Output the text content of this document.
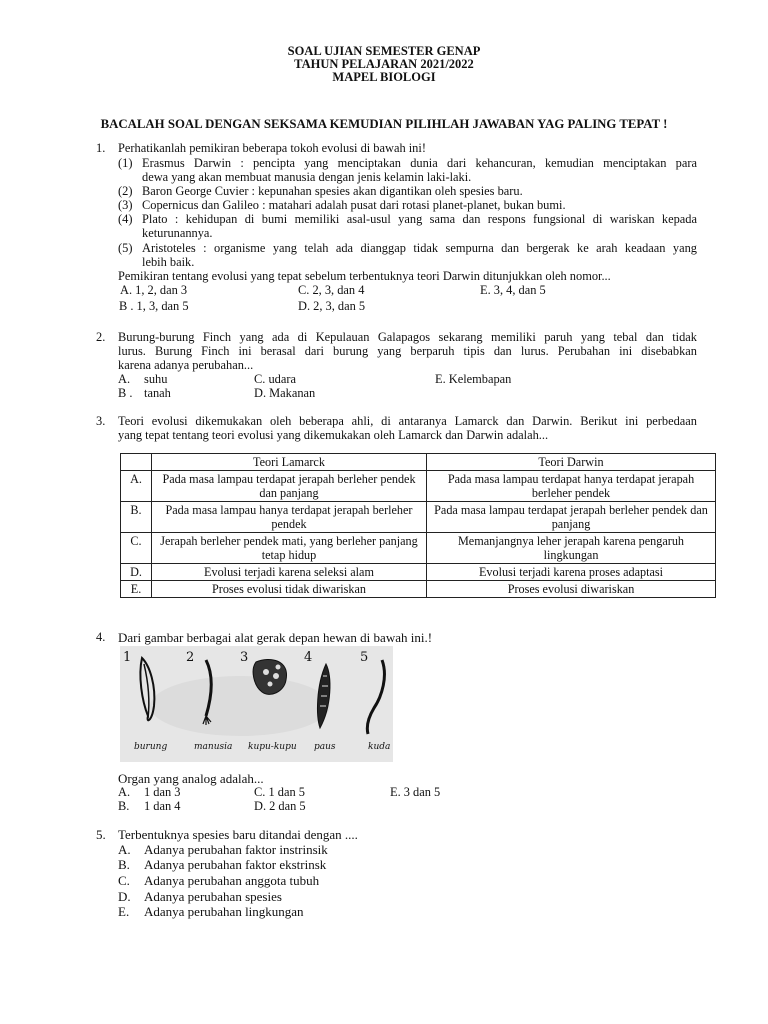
SOAL UJIAN SEMESTER GENAP
TAHUN PELAJARAN 2021/2022
MAPEL BIOLOGI
BACALAH SOAL DENGAN SEKSAMA KEMUDIAN PILIHLAH JAWABAN YAG PALING TEPAT !
1. Perhatikanlah pemikiran beberapa tokoh evolusi di bawah ini!
(1) Erasmus Darwin : pencipta yang menciptakan dunia dari kehancuran, kemudian menciptakan para
dewa yang akan membuat manusia dengan jenis kelamin laki-laki.
(2) Baron George Cuvier : kepunahan spesies akan digantikan oleh spesies baru.
(3) Copernicus dan Galileo : matahari adalah pusat dari rotasi planet-planet, bukan bumi.
(4) Plato : kehidupan di bumi memiliki asal-usul yang sama dan respons fungsional di wariskan kepada
keturunannya.
(5) Aristoteles : organisme yang telah ada dianggap tidak sempurna dan bergerak ke arah keadaan yang
lebih baik.
Pemikiran tentang evolusi yang tepat sebelum terbentuknya teori Darwin ditunjukkan oleh nomor...
A. 1, 2, dan 3	C. 2, 3, dan 4	E. 3, 4, dan 5
B . 1, 3, dan 5	D. 2, 3, dan 5
2. Burung-burung Finch yang ada di Kepulauan Galapagos sekarang memiliki paruh yang tebal dan tidak
lurus. Burung Finch ini berasal dari burung yang berparuh tipis dan lurus. Perubahan ini disebabkan
karena adanya perubahan...
A. suhu	C. udara	E. Kelembapan
B . tanah	D. Makanan
3. Teori evolusi dikemukakan oleh beberapa ahli, di antaranya Lamarck dan Darwin. Berikut ini perbedaan
yang tepat tentang teori evolusi yang dikemukakan oleh Lamarck dan Darwin adalah...
	Teori Lamarck	Teori Darwin
A.	Pada masa lampau terdapat jerapah berleher pendek dan panjang	Pada masa lampau terdapat hanya terdapat jerapah berleher pendek
B.	Pada masa lampau hanya terdapat jerapah berleher pendek	Pada masa lampau terdapat jerapah berleher pendek dan panjang
C.	Jerapah berleher pendek mati, yang berleher panjang tetap hidup	Memanjangnya leher jerapah karena pengaruh lingkungan
D.	Evolusi terjadi karena seleksi alam	Evolusi terjadi karena proses adaptasi
E.	Proses evolusi tidak diwariskan	Proses evolusi diwariskan
4. Dari gambar berbagai alat gerak depan hewan di bawah ini.!
1	2	3	4	5
burung	manusia kupu-kupu paus	kuda
Organ yang analog adalah...
A. 1 dan 3	C. 1 dan 5	E. 3 dan 5
B. 1 dan 4	D. 2 dan 5
5. Terbentuknya spesies baru ditandai dengan ....
A. Adanya perubahan faktor instrinsik
B. Adanya perubahan faktor ekstrinsk
C. Adanya perubahan anggota tubuh
D. Adanya perubahan spesies
E. Adanya perubahan lingkungan
